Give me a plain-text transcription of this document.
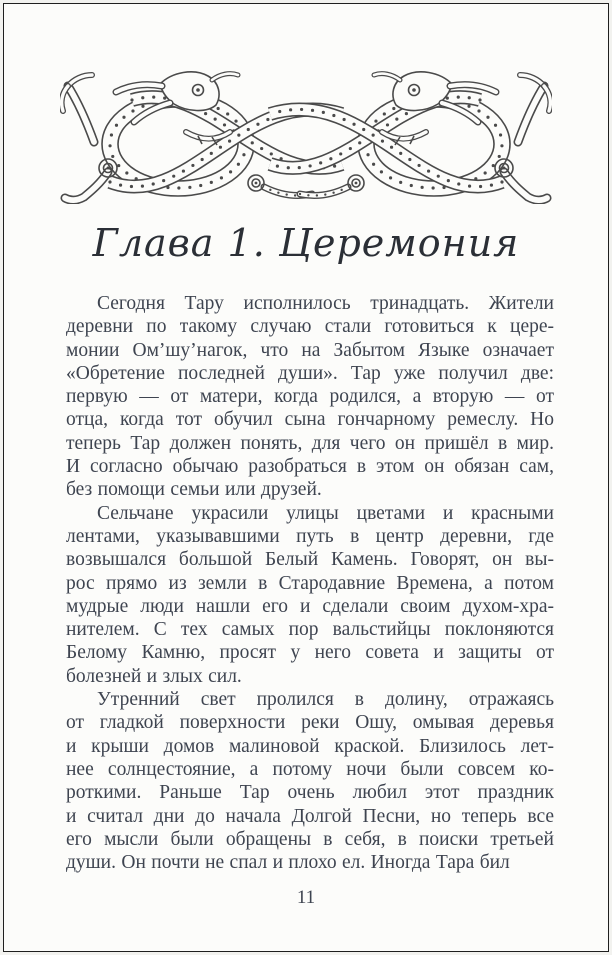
Глава 1. Церемония
Сегодня Тару исполнилось тринадцать. Жители
деревни по такому случаю стали готовиться к цере-
монии Ом’шу’нагок, что на Забытом Языке означает
«Обретение последней души». Тар уже получил две:
первую — от матери, когда родился, а вторую — от
отца, когда тот обучил сына гончарному ремеслу. Но
теперь Тар должен понять, для чего он пришёл в мир.
И согласно обычаю разобраться в этом он обязан сам,
без помощи семьи или друзей.
Сельчане украсили улицы цветами и красными
лентами, указывавшими путь в центр деревни, где
возвышался большой Белый Камень. Говорят, он вы-
рос прямо из земли в Стародавние Времена, а потом
мудрые люди нашли его и сделали своим духом-хра-
нителем. С тех самых пор вальстийцы поклоняются
Белому Камню, просят у него совета и защиты от
болезней и злых сил.
Утренний свет пролился в долину, отражаясь
от гладкой поверхности реки Ошу, омывая деревья
и крыши домов малиновой краской. Близилось лет-
нее солнцестояние, а потому ночи были совсем ко-
роткими. Раньше Тар очень любил этот праздник
и считал дни до начала Долгой Песни, но теперь все
его мысли были обращены в себя, в поиски третьей
души. Он почти не спал и плохо ел. Иногда Тара бил
11
